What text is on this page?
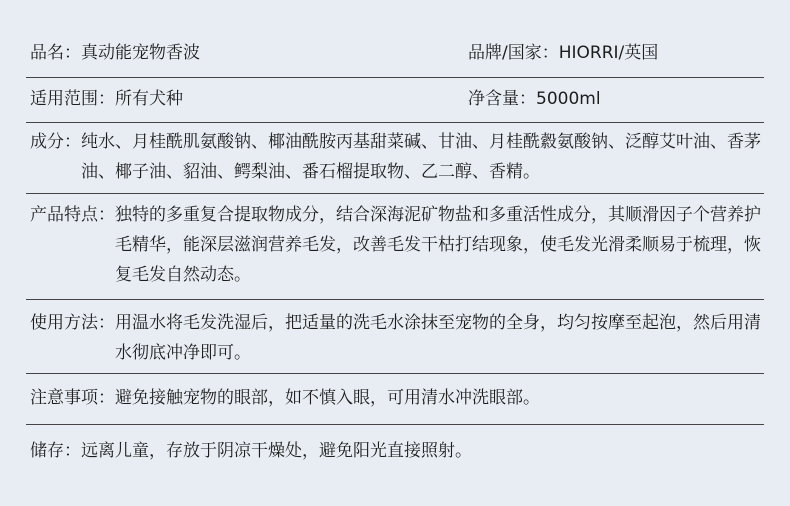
品名：真动能宠物香波	品牌/国家：HIORRI/英国
适用范围：所有犬种	净含量：5000ml
成分： 纯水、月桂酰肌氨酸钠、椰油酰胺丙基甜菜碱、甘油、月桂酰縠氨酸钠、泛醇艾叶油、香茅油、椰子油、貂油、鳄梨油、番石榴提取物、乙二醇、香精。
产品特点： 独特的多重复合提取物成分，结合深海泥矿物盐和多重活性成分，其顺滑因子个营养护毛精华，能深层滋润营养毛发，改善毛发干枯打结现象，使毛发光滑柔顺易于梳理，恢复毛发自然动态。
使用方法： 用温水将毛发洗湿后，把适量的洗毛水涂抹至宠物的全身，均匀按摩至起泡，然后用清水彻底冲净即可。
注意事项： 避免接触宠物的眼部，如不慎入眼，可用清水冲洗眼部。
储存： 远离儿童，存放于阴凉干燥处，避免阳光直接照射。
